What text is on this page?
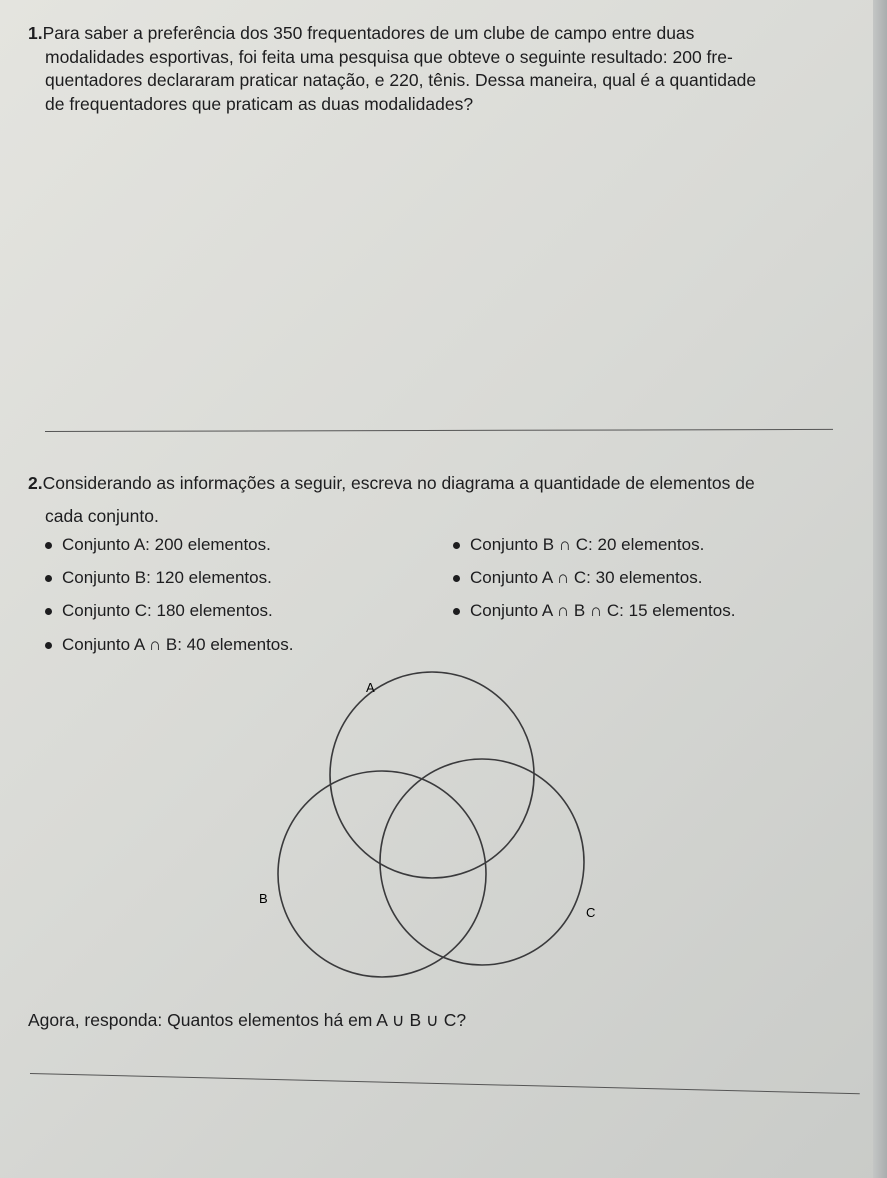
1.Para saber a preferência dos 350 frequentadores de um clube de campo entre duas
modalidades esportivas, foi feita uma pesquisa que obteve o seguinte resultado: 200 fre-
quentadores declararam praticar natação, e 220, tênis. Dessa maneira, qual é a quantidade
de frequentadores que praticam as duas modalidades?
2.Considerando as informações a seguir, escreva no diagrama a quantidade de elementos de
cada conjunto.
Conjunto A: 200 elementos.
Conjunto B: 120 elementos.
Conjunto C: 180 elementos.
Conjunto A ∩ B: 40 elementos.
Conjunto B ∩ C: 20 elementos.
Conjunto A ∩ C: 30 elementos.
Conjunto A ∩ B ∩ C: 15 elementos.
A
B
C
Agora, responda: Quantos elementos há em A ∪ B ∪ C?
